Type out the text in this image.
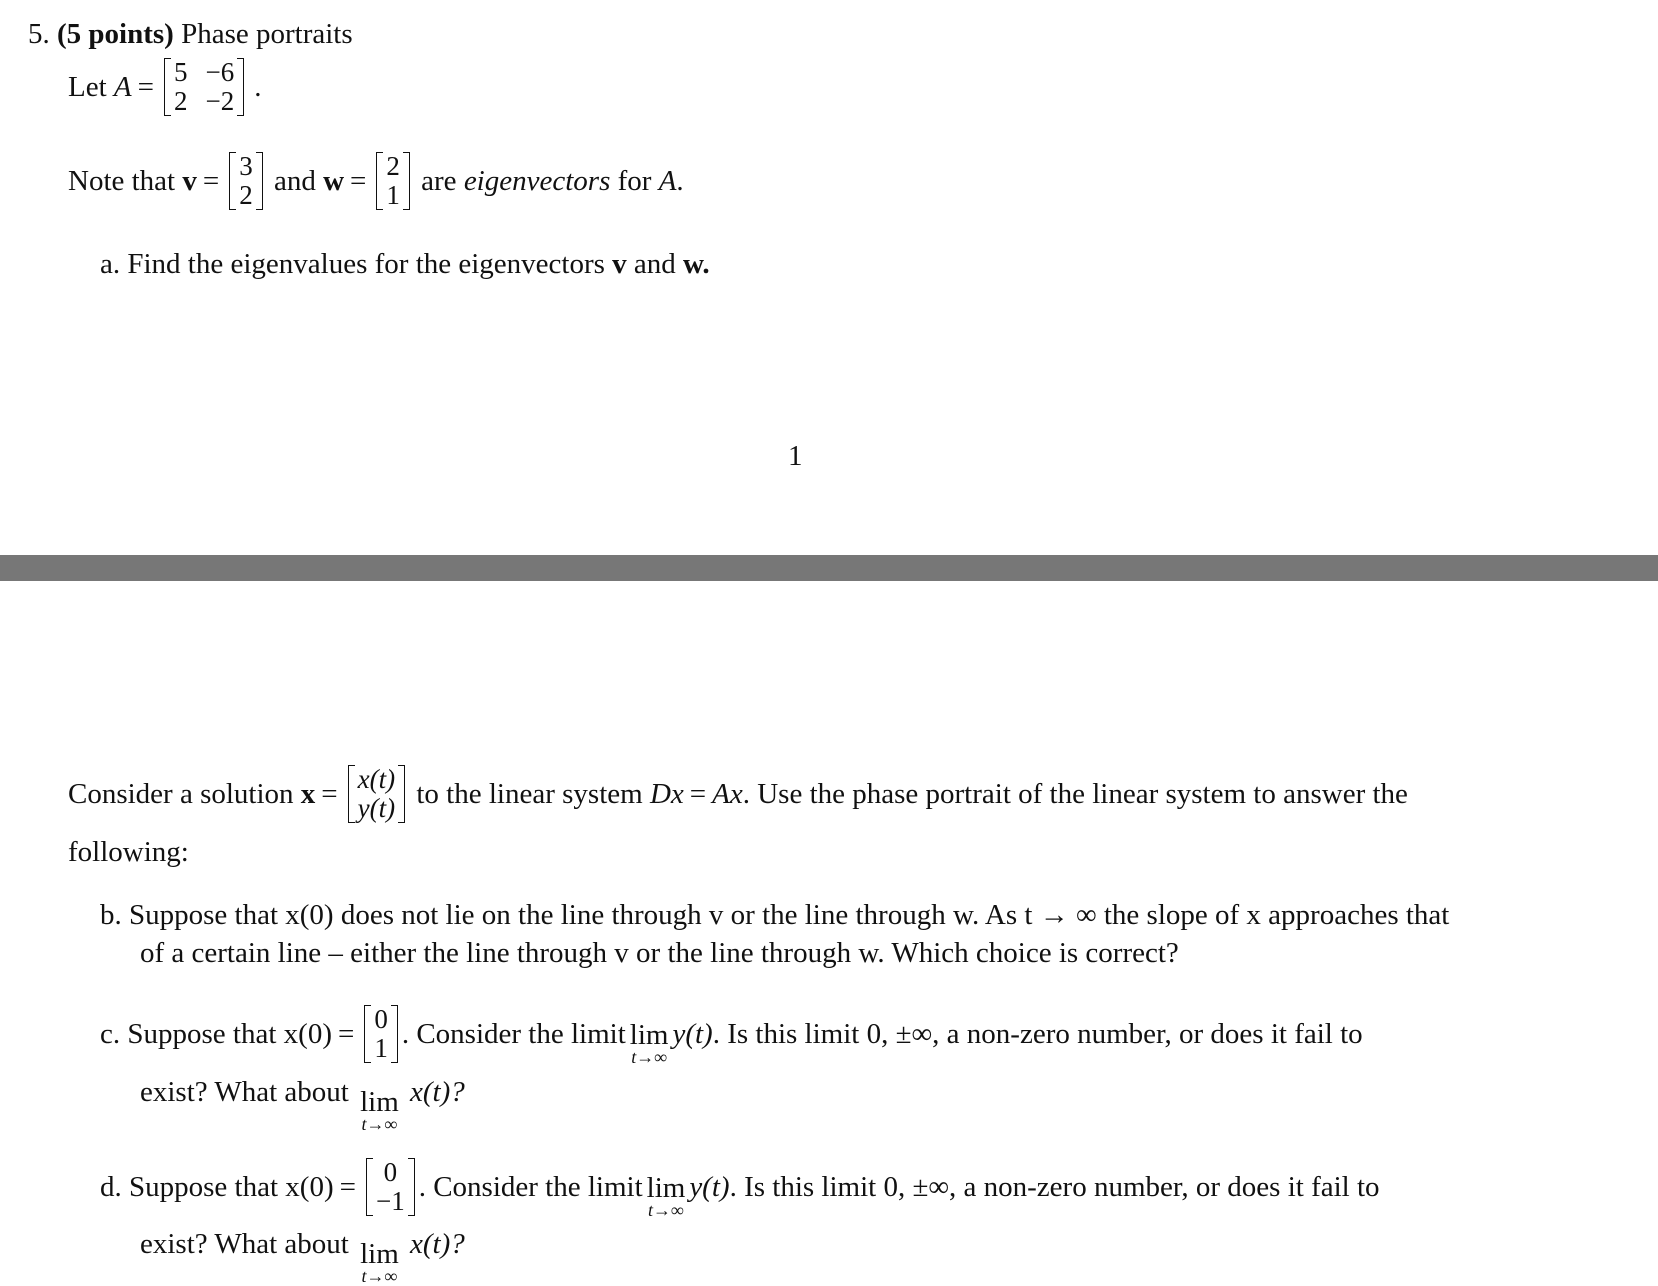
5. (5 points) Phase portraits
Let
A = 5 −6
2 −2 .
Note that
v = 3
2
and
w = 2
1
are
eigenvectors
for
A .
a. Find the eigenvalues for the eigenvectors v and w.
1
Consider a solution
x = x(t)
y(t)
to the linear system
Dx = Ax . Use the phase portrait of the linear system to answer the
following:
b. Suppose that x(0) does not lie on the line through v or the line through w. As t → ∞ the slope of x approaches that
of a certain line – either the line through v or the line through w. Which choice is correct?
c.
Suppose that
x(0) = 0
1 . Consider the limit lim
t→∞
y(t) . Is this limit 0, ±∞, a non-zero number, or does it fail to
exist? What about lim
t→∞
x(t)?
d.
Suppose that
x(0) = 0
−1 . Consider the limit lim
t→∞
y(t) . Is this limit 0, ±∞, a non-zero number, or does it fail to
exist? What about lim
t→∞
x(t)?
